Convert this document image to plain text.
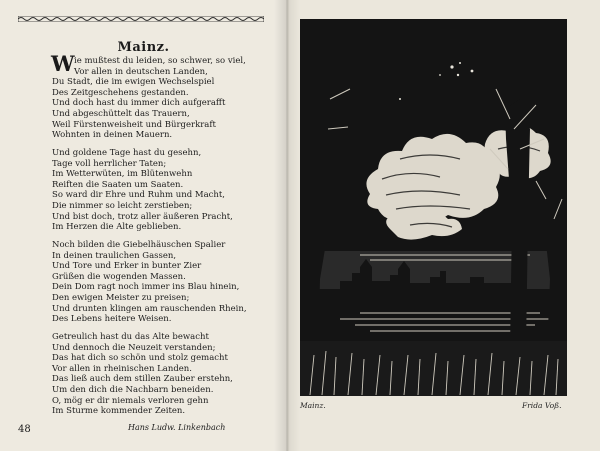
Mainz.
W ie mußtest du leiden, so schwer, so viel,
Vor allen in deutschen Landen,
Du Stadt, die im ewigen Wechselspiel
Des Zeitgeschehens gestanden.
Und doch hast du immer dich aufgerafft
Und abgeschüttelt das Trauern,
Weil Fürstenweisheit und Bürgerkraft
Wohnten in deinen Mauern.
Und goldene Tage hast du gesehn,
Tage voll herrlicher Taten;
Im Wetterwüten, im Blütenwehn
Reiften die Saaten um Saaten.
So ward dir Ehre und Ruhm und Macht,
Die nimmer so leicht zerstieben;
Und bist doch, trotz aller äußeren Pracht,
Im Herzen die Alte geblieben.
Noch bilden die Giebelhäuschen Spalier
In deinen traulichen Gassen,
Und Tore und Erker in bunter Zier
Grüßen die wogenden Massen.
Dein Dom ragt noch immer ins Blau hinein,
Den ewigen Meister zu preisen;
Und drunten klingen am rauschenden Rhein,
Des Lebens heitere Weisen.
Getreulich hast du das Alte bewacht
Und dennoch die Neuzeit verstanden;
Das hat dich so schön und stolz gemacht
Vor allen in rheinischen Landen.
Das ließ auch dem stillen Zauber erstehn,
Um den dich die Nachbarn beneiden.
O, mög er dir niemals verloren gehn
Im Sturme kommender Zeiten.
Hans Ludw. Linkenbach
48
Mainz.	Frida Voß.
